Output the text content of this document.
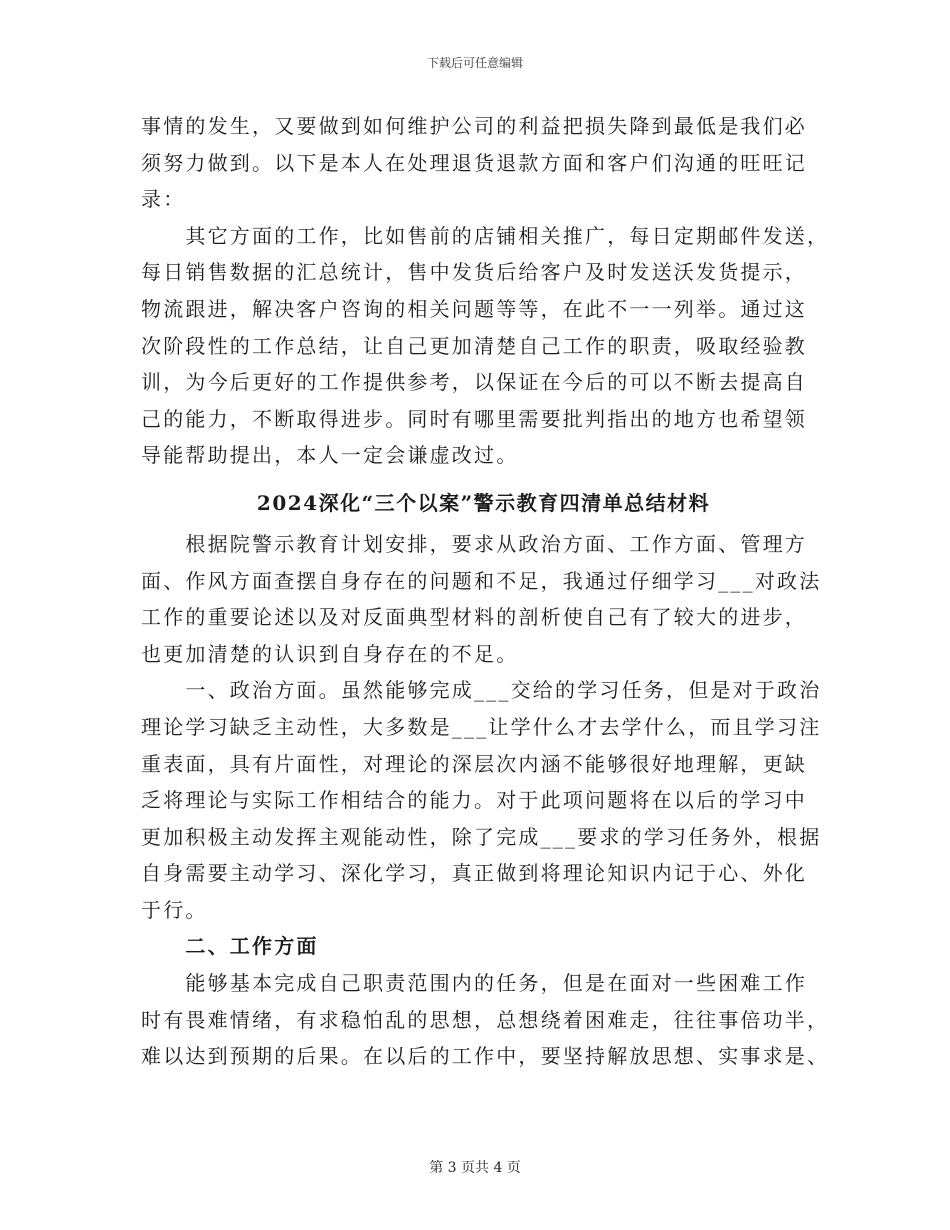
下载后可任意编辑
事情的发生，又要做到如何维护公司的利益把损失降到最低是我们必
须努力做到。以下是本人在处理退货退款方面和客户们沟通的旺旺记
录：
　　其它方面的工作，比如售前的店铺相关推广，每日定期邮件发送，
每日销售数据的汇总统计，售中发货后给客户及时发送沃发货提示，
物流跟进，解决客户咨询的相关问题等等，在此不一一列举。通过这
次阶段性的工作总结，让自己更加清楚自己工作的职责，吸取经验教
训，为今后更好的工作提供参考，以保证在今后的可以不断去提高自
己的能力，不断取得进步。同时有哪里需要批判指出的地方也希望领
导能帮助提出，本人一定会谦虚改过。
2024深化“三个以案”警示教育四清单总结材料
　　根据院警示教育计划安排，要求从政治方面、工作方面、管理方
面、作风方面查摆自身存在的问题和不足，我通过仔细学习___对政法
工作的重要论述以及对反面典型材料的剖析使自己有了较大的进步，
也更加清楚的认识到自身存在的不足。
　　一、政治方面。虽然能够完成___交给的学习任务，但是对于政治
理论学习缺乏主动性，大多数是___让学什么才去学什么，而且学习注
重表面，具有片面性，对理论的深层次内涵不能够很好地理解，更缺
乏将理论与实际工作相结合的能力。对于此项问题将在以后的学习中
更加积极主动发挥主观能动性，除了完成___要求的学习任务外，根据
自身需要主动学习、深化学习，真正做到将理论知识内记于心、外化
于行。
　　二、工作方面
　　能够基本完成自己职责范围内的任务，但是在面对一些困难工作
时有畏难情绪，有求稳怕乱的思想，总想绕着困难走，往往事倍功半，
难以达到预期的后果。在以后的工作中，要坚持解放思想、实事求是、
第 3 页共 4 页
